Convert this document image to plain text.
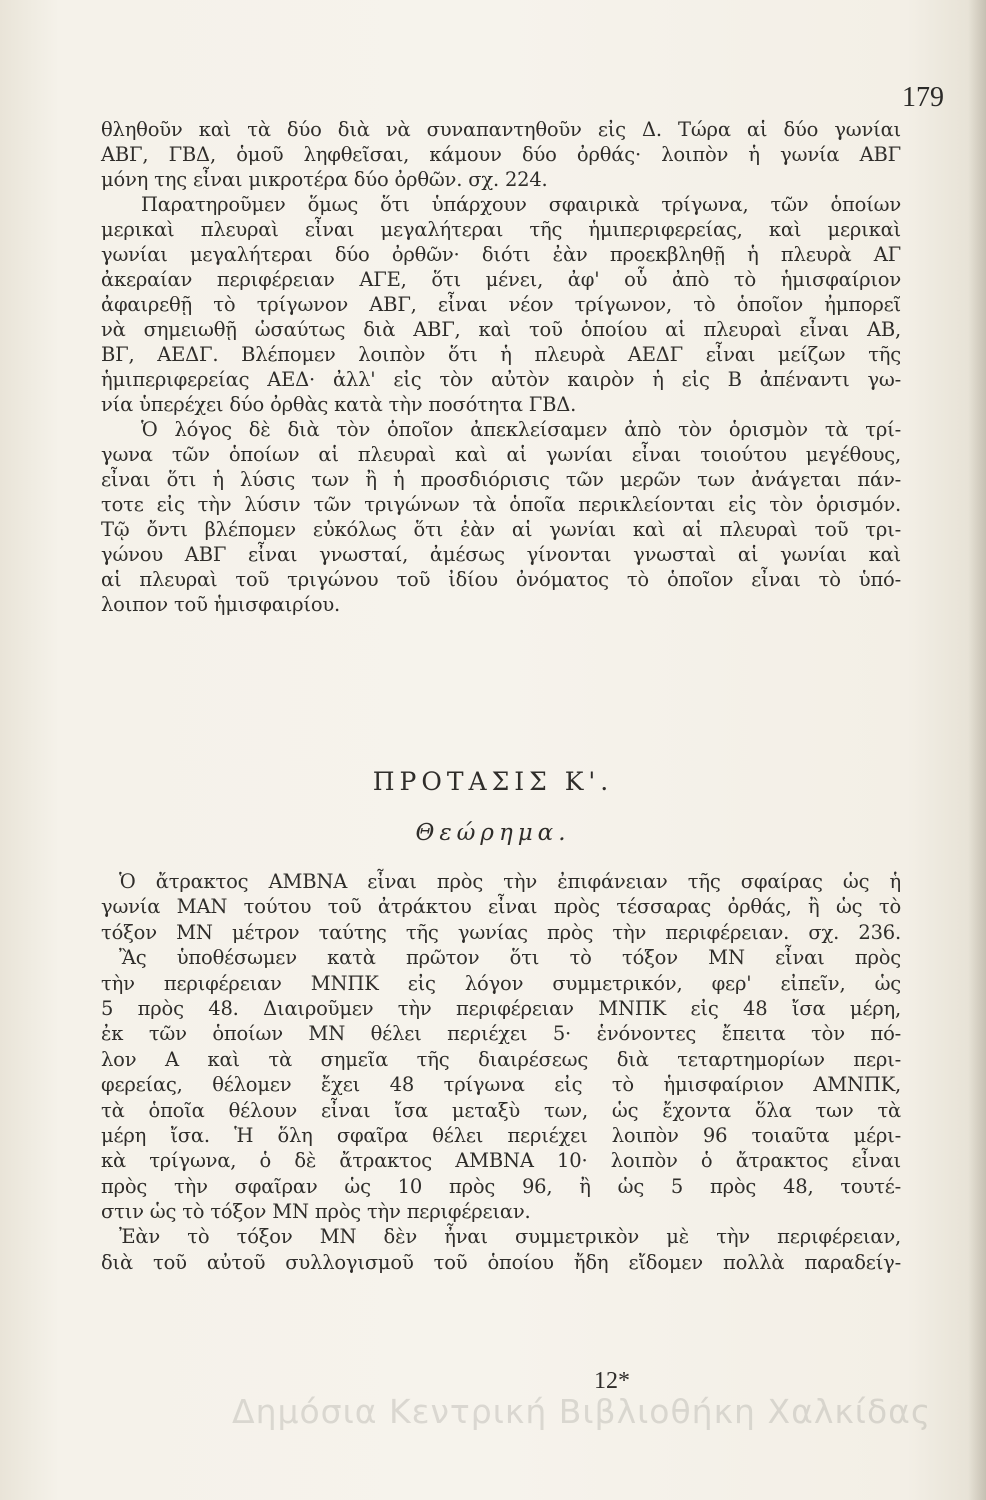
179
θληθοῦν καὶ τὰ δύο διὰ νὰ συναπαντηθοῦν εἰς Δ. Τώρα αἱ δύο γωνίαι
ΑΒΓ, ΓΒΔ, ὁμοῦ ληφθεῖσαι, κάμουν δύο ὀρθάς· λοιπὸν ἡ γωνία ΑΒΓ
μόνη της εἶναι μικροτέρα δύο ὀρθῶν. σχ. 224.
Παρατηροῦμεν ὅμως ὅτι ὑπάρχουν σφαιρικὰ τρίγωνα, τῶν ὁποίων
μερικαὶ πλευραὶ εἶναι μεγαλήτεραι τῆς ἡμιπεριφερείας, καὶ μερικαὶ
γωνίαι μεγαλήτεραι δύο ὀρθῶν· διότι ἐὰν προεκβληθῇ ἡ πλευρὰ ΑΓ
ἀκεραίαν περιφέρειαν ΑΓΕ, ὅτι μένει, ἀφ' οὗ ἀπὸ τὸ ἡμισφαίριον
ἀφαιρεθῇ τὸ τρίγωνον ΑΒΓ, εἶναι νέον τρίγωνον, τὸ ὁποῖον ἠμπορεῖ
νὰ σημειωθῇ ὡσαύτως διὰ ΑΒΓ, καὶ τοῦ ὁποίου αἱ πλευραὶ εἶναι ΑΒ,
ΒΓ, ΑΕΔΓ. Βλέπομεν λοιπὸν ὅτι ἡ πλευρὰ ΑΕΔΓ εἶναι μείζων τῆς
ἡμιπεριφερείας ΑΕΔ· ἀλλ' εἰς τὸν αὐτὸν καιρὸν ἡ εἰς Β ἀπέναντι γω-
νία ὑπερέχει δύο ὀρθὰς κατὰ τὴν ποσότητα ΓΒΔ.
Ὁ λόγος δὲ διὰ τὸν ὁποῖον ἀπεκλείσαμεν ἀπὸ τὸν ὁρισμὸν τὰ τρί-
γωνα τῶν ὁποίων αἱ πλευραὶ καὶ αἱ γωνίαι εἶναι τοιούτου μεγέθους,
εἶναι ὅτι ἡ λύσις των ἢ ἡ προσδιόρισις τῶν μερῶν των ἀνάγεται πάν-
τοτε εἰς τὴν λύσιν τῶν τριγώνων τὰ ὁποῖα περικλείονται εἰς τὸν ὁρισμόν.
Τῷ ὄντι βλέπομεν εὐκόλως ὅτι ἐὰν αἱ γωνίαι καὶ αἱ πλευραὶ τοῦ τρι-
γώνου ΑΒΓ εἶναι γνωσταί, ἀμέσως γίνονται γνωσταὶ αἱ γωνίαι καὶ
αἱ πλευραὶ τοῦ τριγώνου τοῦ ἰδίου ὀνόματος τὸ ὁποῖον εἶναι τὸ ὑπό-
λοιπον τοῦ ἡμισφαιρίου.
ΠΡΟΤΑΣΙΣ Κ'.
Θεώρημα.
Ὁ ἄτρακτος ΑΜΒΝΑ εἶναι πρὸς τὴν ἐπιφάνειαν τῆς σφαίρας ὡς ἡ
γωνία ΜΑΝ τούτου τοῦ ἀτράκτου εἶναι πρὸς τέσσαρας ὀρθάς, ἢ ὡς τὸ
τόξον ΜΝ μέτρον ταύτης τῆς γωνίας πρὸς τὴν περιφέρειαν. σχ. 236.
Ἂς ὑποθέσωμεν κατὰ πρῶτον ὅτι τὸ τόξον ΜΝ εἶναι πρὸς
τὴν περιφέρειαν ΜΝΠΚ εἰς λόγον συμμετρικόν, φερ' εἰπεῖν, ὡς
5 πρὸς 48. Διαιροῦμεν τὴν περιφέρειαν ΜΝΠΚ εἰς 48 ἴσα μέρη,
ἐκ τῶν ὁποίων ΜΝ θέλει περιέχει 5· ἑνόνοντες ἔπειτα τὸν πό-
λον Α καὶ τὰ σημεῖα τῆς διαιρέσεως διὰ τεταρτημορίων περι-
φερείας, θέλομεν ἔχει 48 τρίγωνα εἰς τὸ ἡμισφαίριον ΑΜΝΠΚ,
τὰ ὁποῖα θέλουν εἶναι ἴσα μεταξὺ των, ὡς ἔχοντα ὅλα των τὰ
μέρη ἴσα. Ἡ ὅλη σφαῖρα θέλει περιέχει λοιπὸν 96 τοιαῦτα μέρι-
κὰ τρίγωνα, ὁ δὲ ἄτρακτος ΑΜΒΝΑ 10· λοιπὸν ὁ ἄτρακτος εἶναι
πρὸς τὴν σφαῖραν ὡς 10 πρὸς 96, ἢ ὡς 5 πρὸς 48, τουτέ-
στιν ὡς τὸ τόξον ΜΝ πρὸς τὴν περιφέρειαν.
Ἐὰν τὸ τόξον ΜΝ δὲν ἦναι συμμετρικὸν μὲ τὴν περιφέρειαν,
διὰ τοῦ αὐτοῦ συλλογισμοῦ τοῦ ὁποίου ἤδη εἴδομεν πολλὰ παραδείγ-
12*
Δημόσια Κεντρική Βιβλιοθήκη Χαλκίδας
